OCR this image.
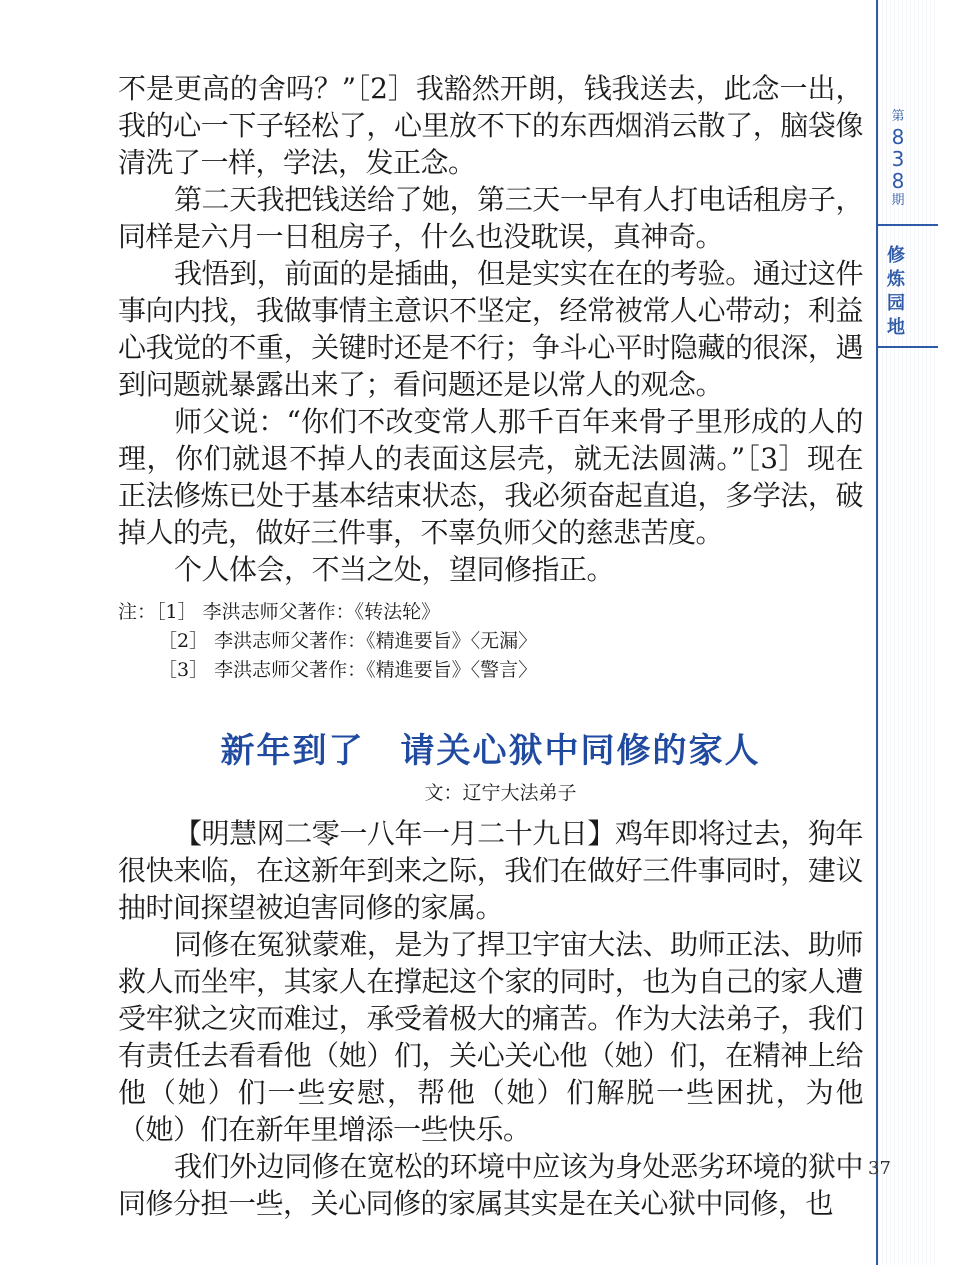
不是更高的舍吗？”［2］我豁然开朗，钱我送去，此念一出，我的心一下子轻松了，心里放不下的东西烟消云散了，脑袋像清洗了一样，学法，发正念。

第二天我把钱送给了她，第三天一早有人打电话租房子，同样是六月一日租房子，什么也没耽误，真神奇。

我悟到，前面的是插曲，但是实实在在的考验。通过这件事向内找，我做事情主意识不坚定，经常被常人心带动；利益心我觉的不重，关键时还是不行；争斗心平时隐藏的很深，遇到问题就暴露出来了；看问题还是以常人的观念。

师父说：“你们不改变常人那千百年来骨子里形成的人的理，你们就退不掉人的表面这层壳，就无法圆满。”［3］现在正法修炼已处于基本结束状态，我必须奋起直追，多学法，破掉人的壳，做好三件事，不辜负师父的慈悲苦度。

个人体会，不当之处，望同修指正。

注：［1］ 李洪志师父著作：《转法轮》
［2］ 李洪志师父著作：《精進要旨》〈无漏〉
［3］ 李洪志师父著作：《精進要旨》〈警言〉
新年到了　请关心狱中同修的家人
文：辽宁大法弟子

【明慧网二零一八年一月二十九日】鸡年即将过去，狗年很快来临，在这新年到来之际，我们在做好三件事同时，建议抽时间探望被迫害同修的家属。

同修在冤狱蒙难，是为了捍卫宇宙大法、助师正法、助师救人而坐牢，其家人在撑起这个家的同时，也为自己的家人遭受牢狱之灾而难过，承受着极大的痛苦。作为大法弟子，我们有责任去看看他（她）们，关心关心他（她）们，在精神上给他（她）们一些安慰，帮他（她）们解脱一些困扰，为他（她）们在新年里增添一些快乐。

我们外边同修在宽松的环境中应该为身处恶劣环境的狱中同修分担一些，关心同修的家属其实是在关心狱中同修，也

第
8
3
8
期
修
炼
园
地
37
